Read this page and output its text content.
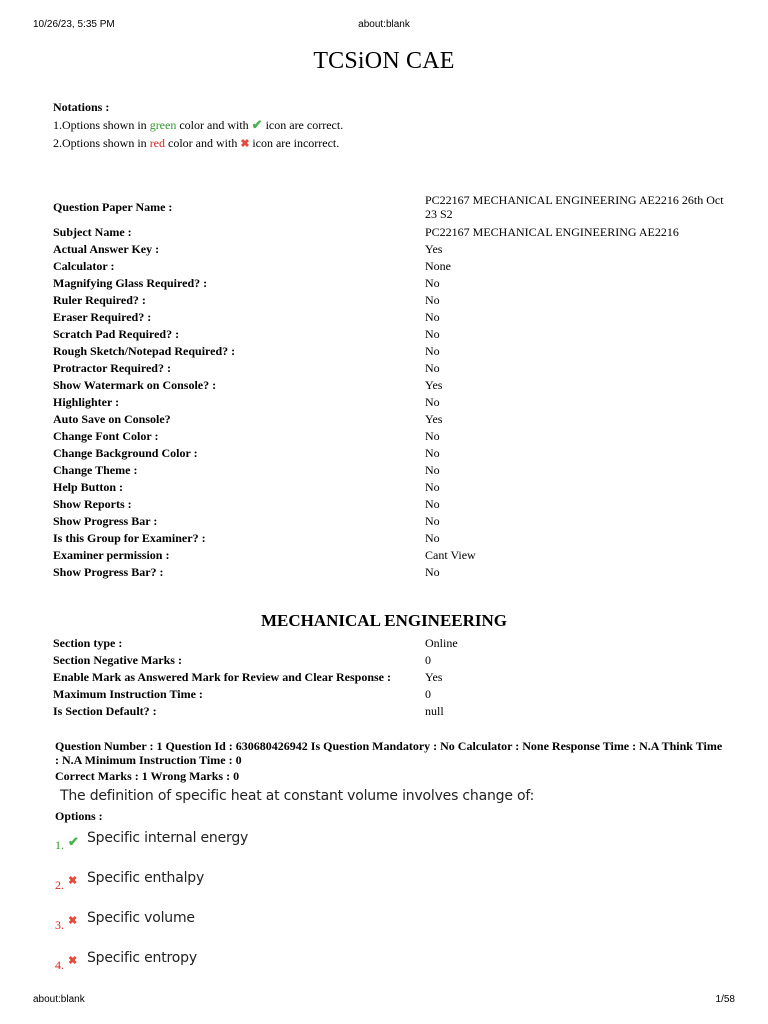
10/26/23, 5:35 PM	about:blank
TCSiON CAE
Notations :
1.Options shown in green color and with ✔ icon are correct.
2.Options shown in red color and with ✖ icon are incorrect.
Question Paper Name :	PC22167 MECHANICAL ENGINEERING AE2216 26th Oct 23 S2
Subject Name :	PC22167 MECHANICAL ENGINEERING AE2216
Actual Answer Key :	Yes
Calculator :	None
Magnifying Glass Required? :	No
Ruler Required? :	No
Eraser Required? :	No
Scratch Pad Required? :	No
Rough Sketch/Notepad Required? :	No
Protractor Required? :	No
Show Watermark on Console? :	Yes
Highlighter :	No
Auto Save on Console?	Yes
Change Font Color :	No
Change Background Color :	No
Change Theme :	No
Help Button :	No
Show Reports :	No
Show Progress Bar :	No
Is this Group for Examiner? :	No
Examiner permission :	Cant View
Show Progress Bar? :	No
MECHANICAL ENGINEERING
Section type :	Online
Section Negative Marks :	0
Enable Mark as Answered Mark for Review and Clear Response :	Yes
Maximum Instruction Time :	0
Is Section Default? :	null
Question Number : 1 Question Id : 630680426942 Is Question Mandatory : No Calculator : None Response Time : N.A Think Time : N.A Minimum Instruction Time : 0
Correct Marks : 1 Wrong Marks : 0
The definition of specific heat at constant volume involves change of:
Options :
1. ✔ Specific internal energy
2. ✖ Specific enthalpy
3. ✖ Specific volume
4. ✖ Specific entropy
about:blank	1/58
